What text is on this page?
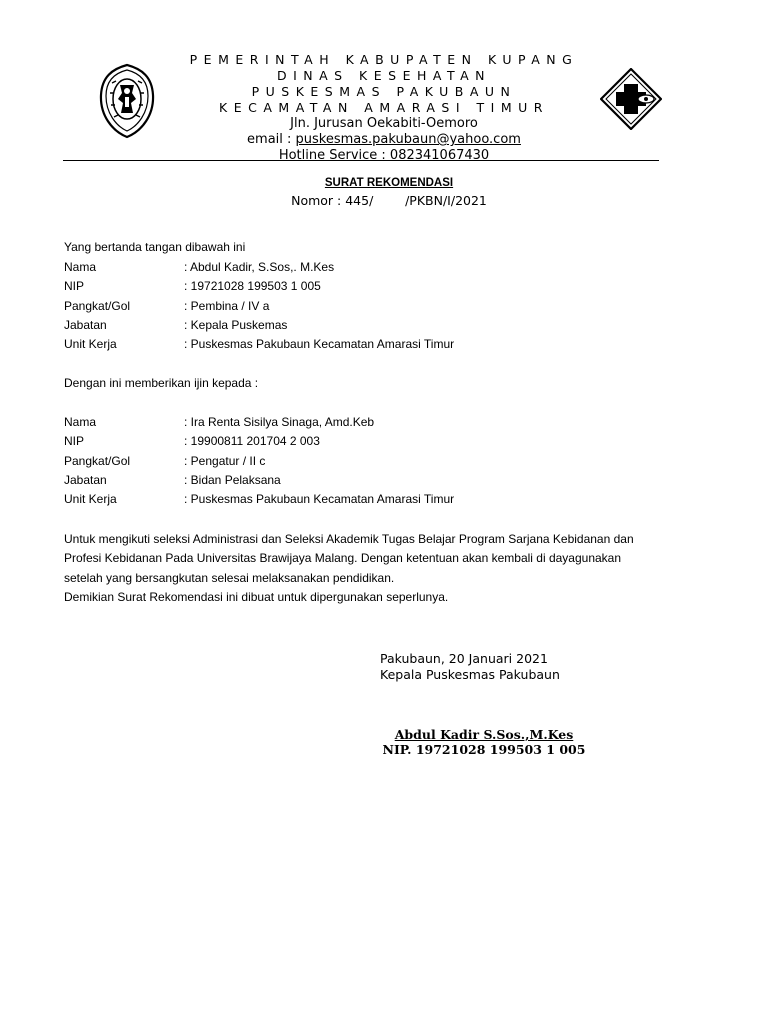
PEMERINTAH KABUPATEN KUPANG
DINAS KESEHATAN
PUSKESMAS PAKUBAUN
KECAMATAN AMARASI TIMUR
Jln. Jurusan Oekabiti-Oemoro
email : puskesmas.pakubaun@yahoo.com
Hotline Service : 082341067430
SURAT REKOMENDASI
Nomor : 445/        /PKBN/I/2021
Yang bertanda tangan dibawah ini
Nama	: Abdul Kadir, S.Sos,. M.Kes
NIP	: 19721028 199503 1 005
Pangkat/Gol	: Pembina / IV a
Jabatan	: Kepala Puskemas
Unit Kerja	: Puskesmas Pakubaun Kecamatan Amarasi Timur
Dengan ini memberikan ijin kepada :
Nama	: Ira Renta Sisilya Sinaga, Amd.Keb
NIP	: 19900811 201704 2 003
Pangkat/Gol	: Pengatur / II c
Jabatan	: Bidan Pelaksana
Unit Kerja	: Puskesmas Pakubaun Kecamatan Amarasi Timur
Untuk mengikuti seleksi Administrasi dan Seleksi Akademik Tugas Belajar Program Sarjana Kebidanan dan
Profesi Kebidanan Pada Universitas Brawijaya Malang. Dengan ketentuan akan kembali di dayagunakan
setelah yang bersangkutan selesai melaksanakan pendidikan.
Demikian Surat Rekomendasi ini dibuat untuk dipergunakan seperlunya.
Pakubaun, 20 Januari 2021
Kepala Puskesmas Pakubaun
Abdul Kadir S.Sos.,M.Kes
NIP. 19721028 199503 1 005
